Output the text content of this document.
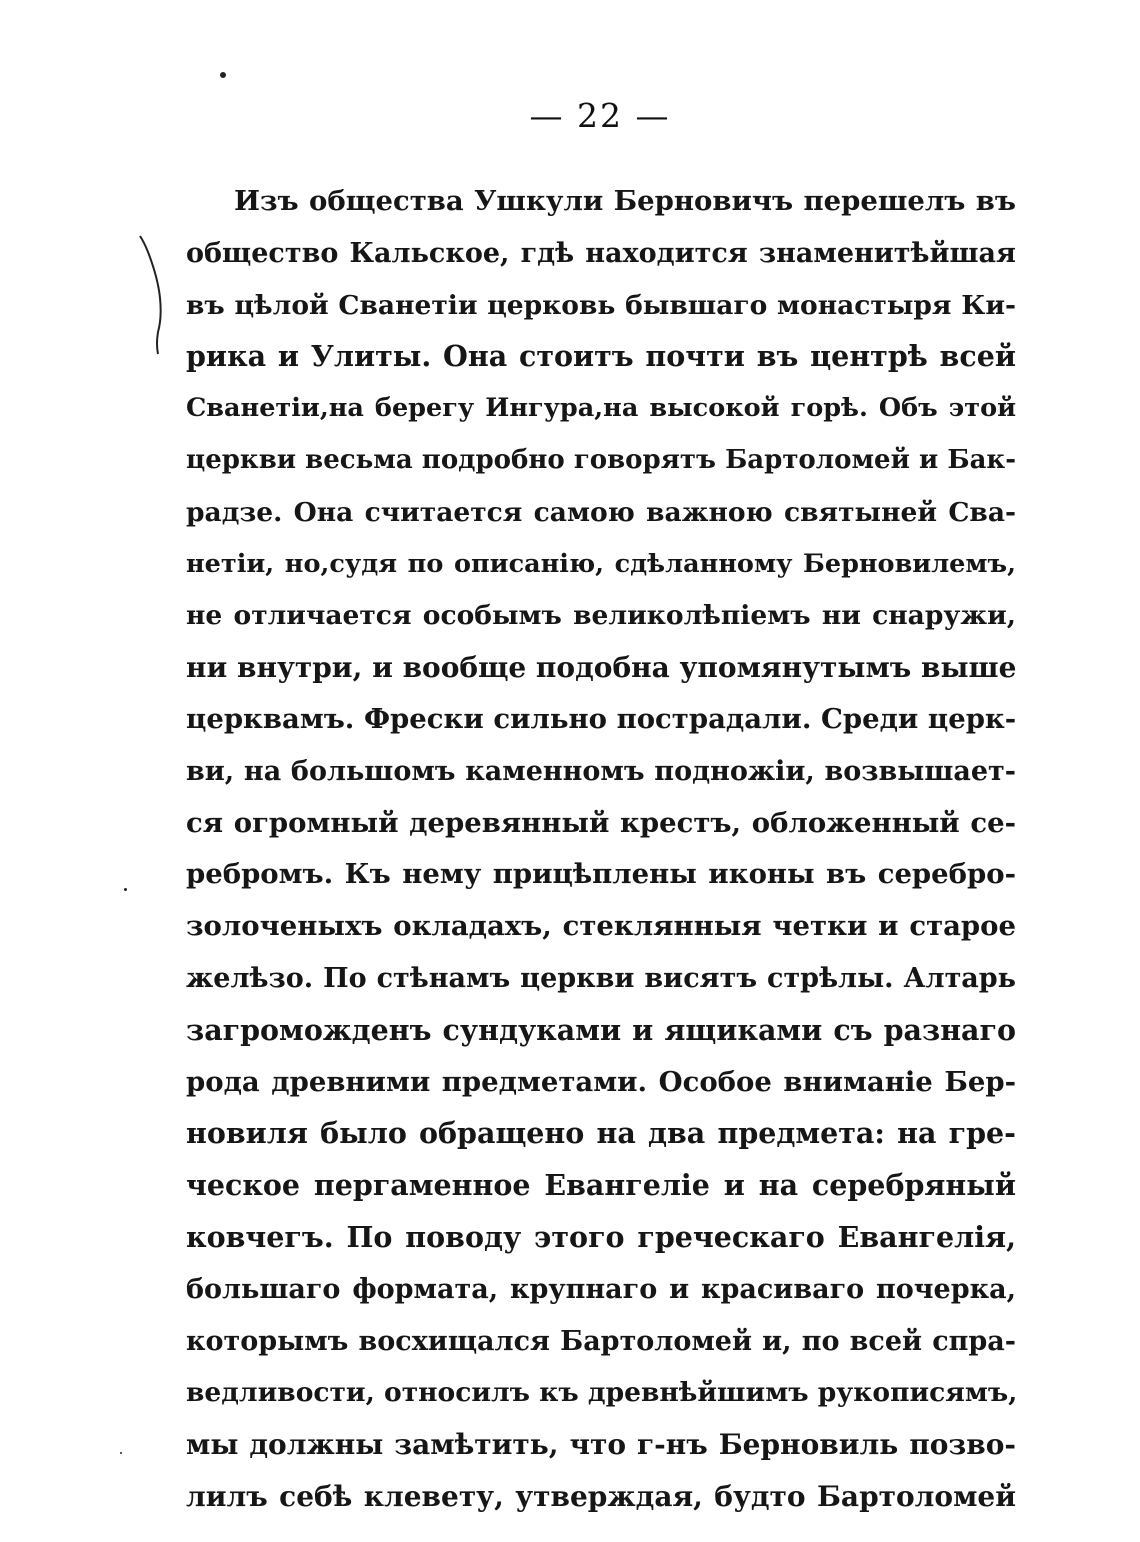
— 22 —
Изъ общества Ушкули Берновичъ перешелъ въ
общество Кальское, гдѣ находится знаменитѣйшая
въ цѣлой Сванетіи церковь бывшаго монастыря Ки-
рика и Улиты. Она стоитъ почти въ центрѣ всей
Сванетіи,на берегу Ингура,на высокой горѣ. Объ этой
церкви весьма подробно говорятъ Бартоломей и Бак-
радзе. Она считается самою важною святыней Сва-
нетіи, но,судя по описанію, сдѣланному Берновилемъ,
не отличается особымъ великолѣпіемъ ни снаружи,
ни внутри, и вообще подобна упомянутымъ выше
церквамъ. Фрески сильно пострадали. Среди церк-
ви, на большомъ каменномъ подножіи, возвышает-
ся огромный деревянный крестъ, обложенный се-
ребромъ. Къ нему прицѣплены иконы въ серебро-
золоченыхъ окладахъ, стеклянныя четки и старое
желѣзо. По стѣнамъ церкви висятъ стрѣлы. Алтарь
загроможденъ сундуками и ящиками съ разнаго
рода древними предметами. Особое вниманіе Бер-
новиля было обращено на два предмета: на гре-
ческое пергаменное Евангеліе и на серебряный
ковчегъ. По поводу этого греческаго Евангелія,
большаго формата, крупнаго и красиваго почерка,
которымъ восхищался Бартоломей и, по всей спра-
ведливости, относилъ къ древнѣйшимъ рукописямъ,
мы должны замѣтить, что г-нъ Берновиль позво-
лилъ себѣ клевету, утверждая, будто Бартоломей
